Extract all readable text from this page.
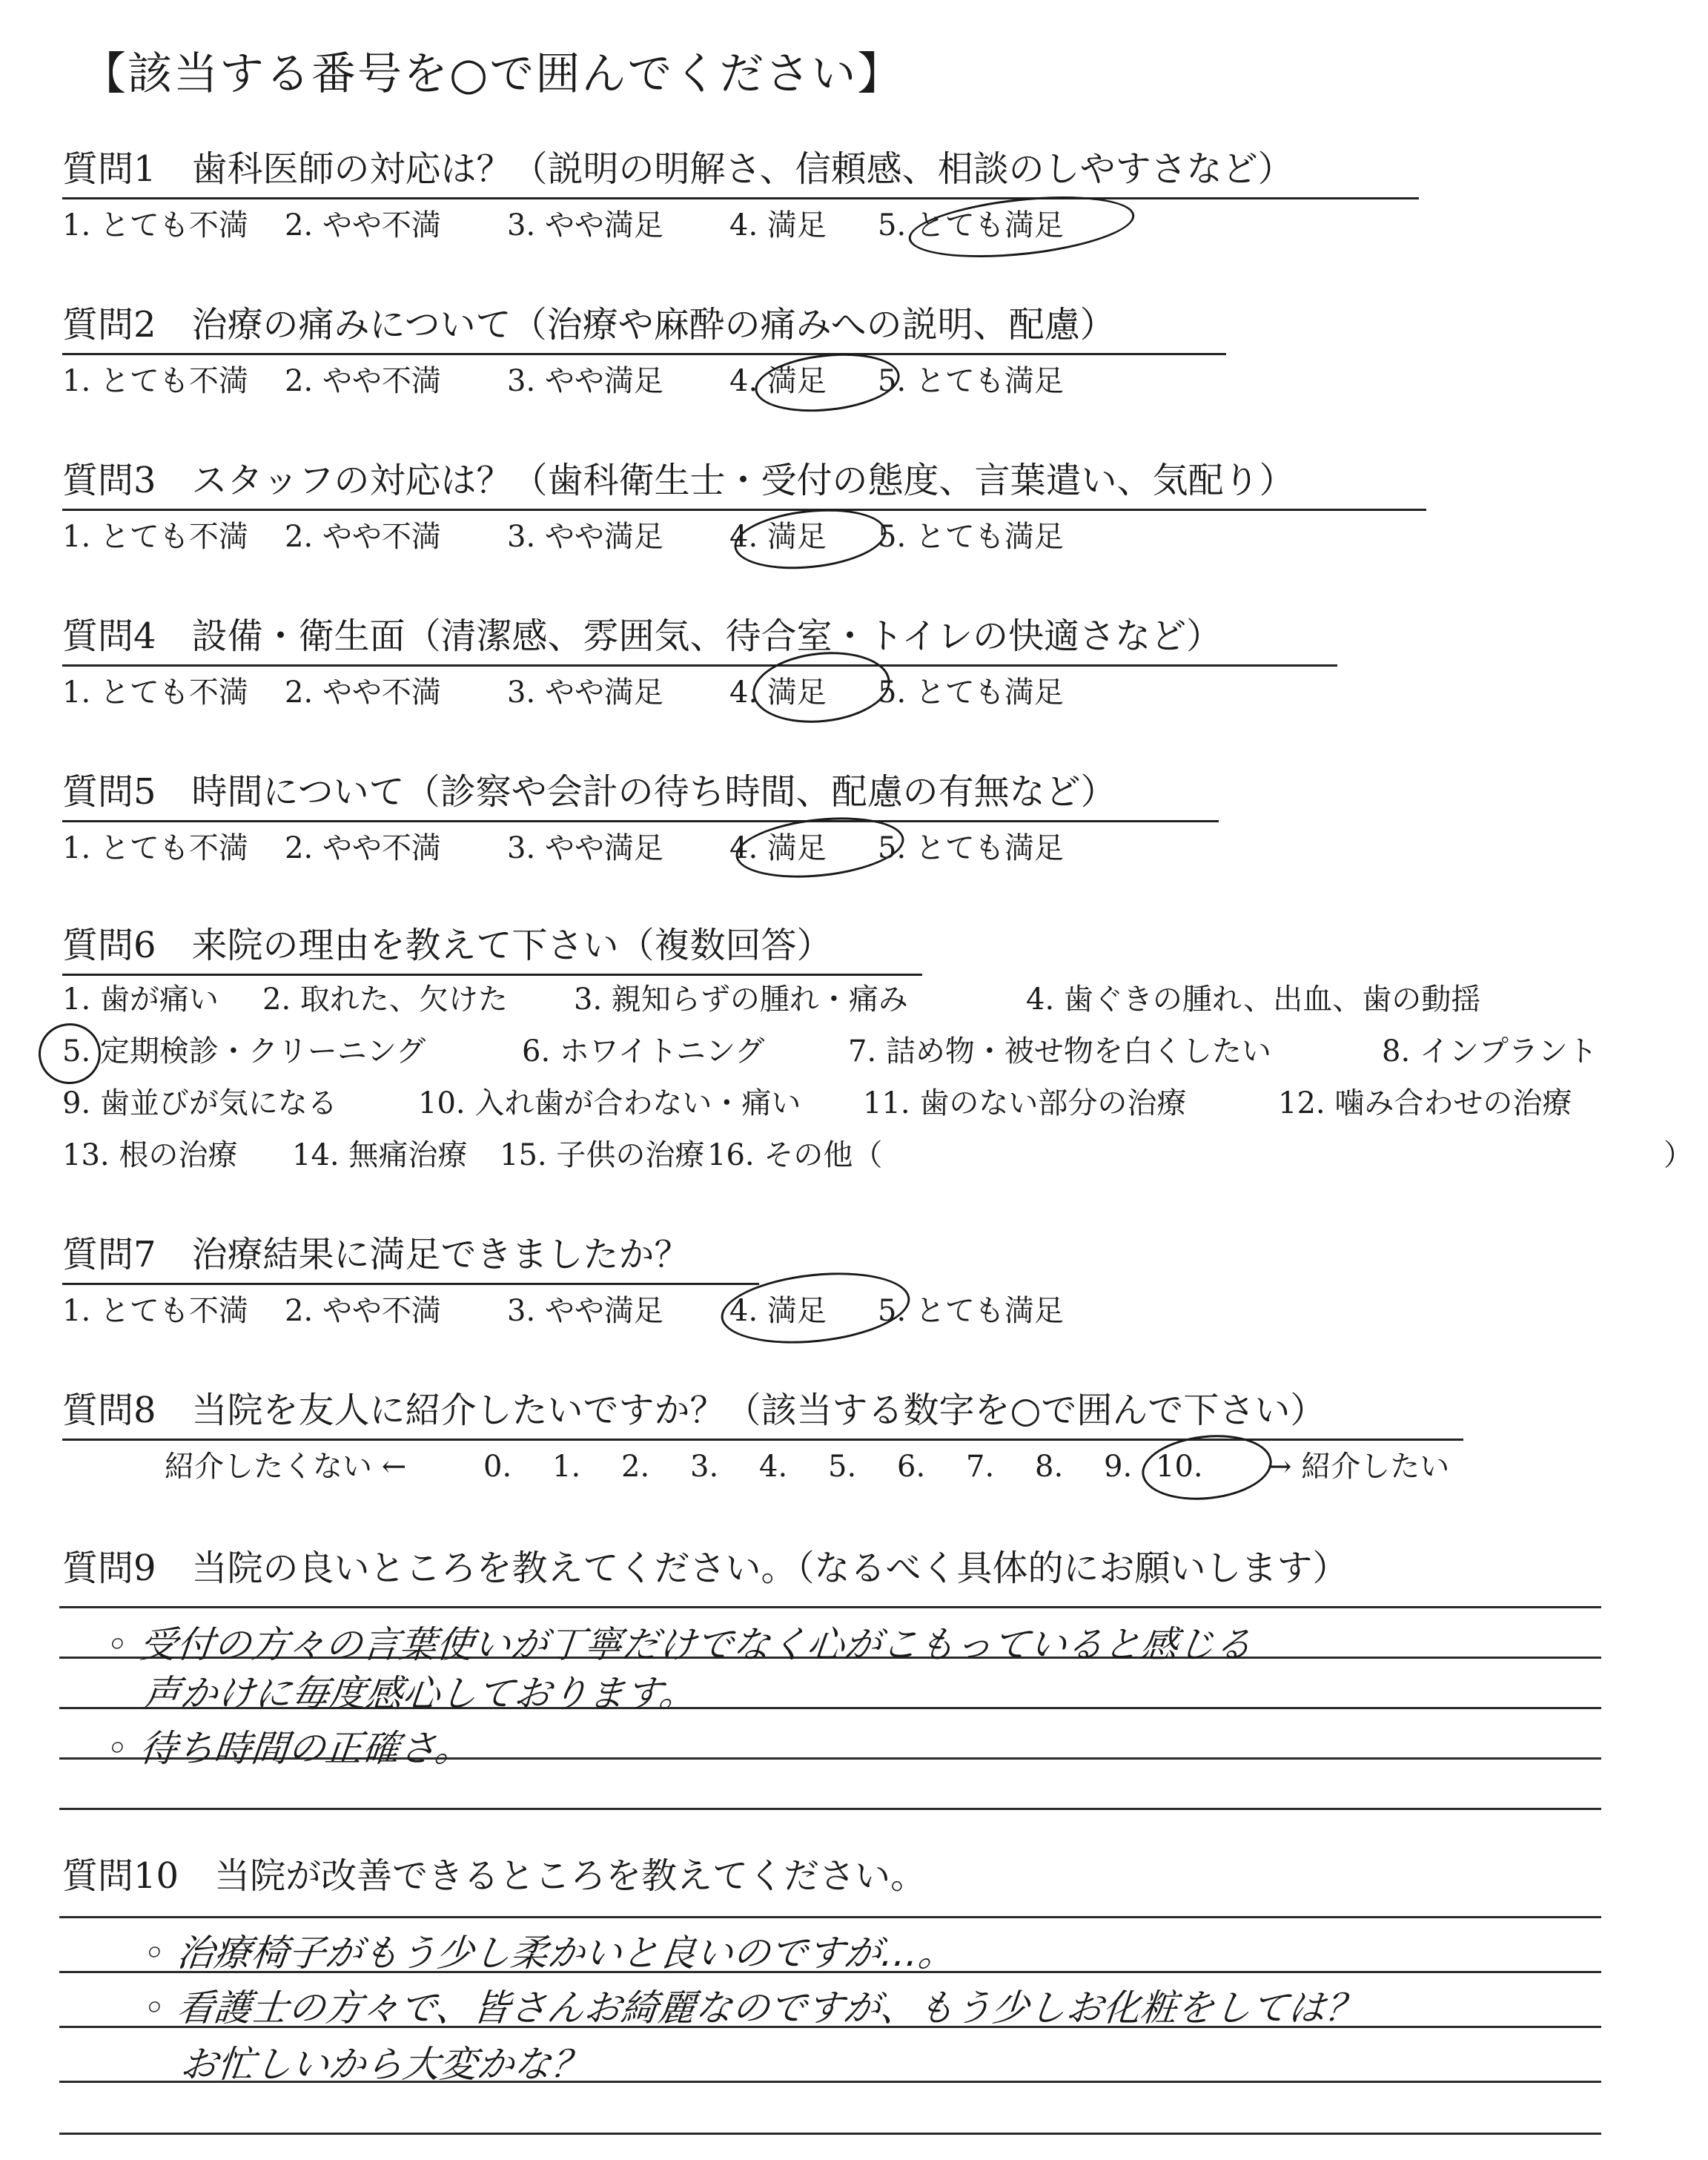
【該当する番号を○で囲んでください】
質問1　歯科医師の対応は？（説明の明解さ、信頼感、相談のしやすさなど）
1. とても不満 2. やや不満 3. やや満足 4. 満足 5. とても満足
質問2　治療の痛みについて（治療や麻酔の痛みへの説明、配慮）
1. とても不満 2. やや不満 3. やや満足 4. 満足 5. とても満足
質問3　スタッフの対応は？（歯科衛生士・受付の態度、言葉遣い、気配り）
1. とても不満 2. やや不満 3. やや満足 4. 満足 5. とても満足
質問4　設備・衛生面（清潔感、雰囲気、待合室・トイレの快適さなど）
1. とても不満 2. やや不満 3. やや満足 4. 満足 5. とても満足
質問5　時間について（診察や会計の待ち時間、配慮の有無など）
1. とても不満 2. やや不満 3. やや満足 4. 満足 5. とても満足
質問6　来院の理由を教えて下さい（複数回答）
1. 歯が痛い 2. 取れた、欠けた 3. 親知らずの腫れ・痛み	4. 歯ぐきの腫れ、出血、歯の動揺
5. 定期検診・クリーニング	6. ホワイトニング	7. 詰め物・被せ物を白くしたい	8. インプラント
9. 歯並びが気になる	10. 入れ歯が合わない・痛い 11. 歯のない部分の治療	12. 噛み合わせの治療
13. 根の治療 14. 無痛治療 15. 子供の治療16. その他（	）
質問7　治療結果に満足できましたか？
1. とても不満 2. やや不満 3. やや満足 4. 満足 5. とても満足
質問8　当院を友人に紹介したいですか？（該当する数字を○で囲んで下さい）
紹介したくない ←	0. 1. 2. 3. 4. 5. 6. 7. 8. 9. 10. → 紹介したい
質問9　当院の良いところを教えてください。（なるべく具体的にお願いします）
◦ 受付の方々の言葉使いが丁寧だけでなく心がこもっていると感じる
　声かけに毎度感心しております。
◦ 待ち時間の正確さ。
質問10　当院が改善できるところを教えてください。
◦ 治療椅子がもう少し柔かいと良いのですが…。
◦ 看護士の方々で、皆さんお綺麗なのですが、もう少しお化粧をしては？
　お忙しいから大変かな？
